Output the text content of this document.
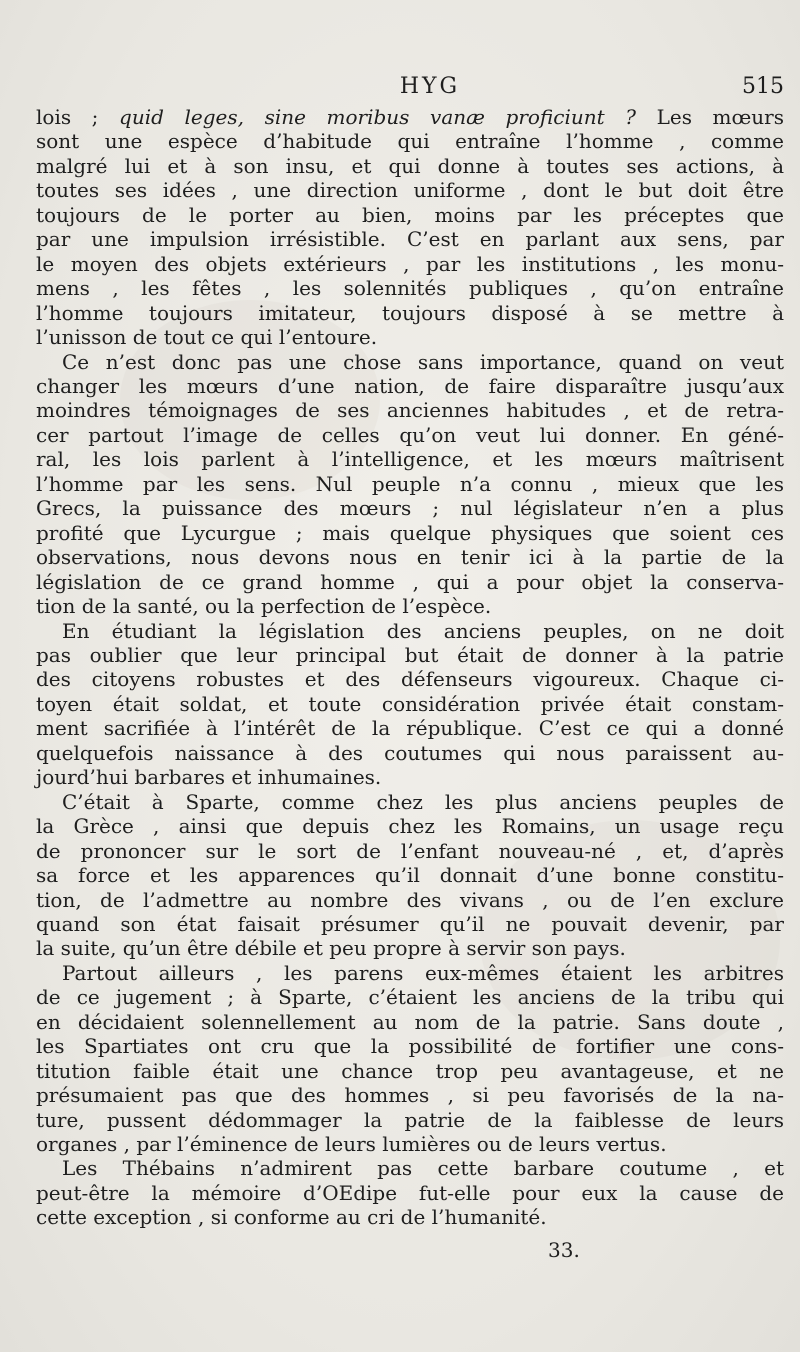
HYG	515

lois ; quid leges, sine moribus vanæ proficiunt ? Les mœurs
sont une espèce d’habitude qui entraîne l’homme , comme
malgré lui et à son insu, et qui donne à toutes ses actions, à
toutes ses idées , une direction uniforme , dont le but doit être
toujours de le porter au bien, moins par les préceptes que
par une impulsion irrésistible. C’est en parlant aux sens, par
le moyen des objets extérieurs , par les institutions , les monu-
mens , les fêtes , les solennités publiques , qu’on entraîne
l’homme toujours imitateur, toujours disposé à se mettre à
l’unisson de tout ce qui l’entoure.

Ce n’est donc pas une chose sans importance, quand on veut
changer les mœurs d’une nation, de faire disparaître jusqu’aux
moindres témoignages de ses anciennes habitudes , et de retra-
cer partout l’image de celles qu’on veut lui donner. En géné-
ral, les lois parlent à l’intelligence, et les mœurs maîtrisent
l’homme par les sens. Nul peuple n’a connu , mieux que les
Grecs, la puissance des mœurs ; nul législateur n’en a plus
profité que Lycurgue ; mais quelque physiques que soient ces
observations, nous devons nous en tenir ici à la partie de la
législation de ce grand homme , qui a pour objet la conserva-
tion de la santé, ou la perfection de l’espèce.

En étudiant la législation des anciens peuples, on ne doit
pas oublier que leur principal but était de donner à la patrie
des citoyens robustes et des défenseurs vigoureux. Chaque ci-
toyen était soldat, et toute considération privée était constam-
ment sacrifiée à l’intérêt de la république. C’est ce qui a donné
quelquefois naissance à des coutumes qui nous paraissent au-
jourd’hui barbares et inhumaines.

C’était à Sparte, comme chez les plus anciens peuples de
la Grèce , ainsi que depuis chez les Romains, un usage reçu
de prononcer sur le sort de l’enfant nouveau-né , et, d’après
sa force et les apparences qu’il donnait d’une bonne constitu-
tion, de l’admettre au nombre des vivans , ou de l’en exclure
quand son état faisait présumer qu’il ne pouvait devenir, par
la suite, qu’un être débile et peu propre à servir son pays.

Partout ailleurs , les parens eux-mêmes étaient les arbitres
de ce jugement ; à Sparte, c’étaient les anciens de la tribu qui
en décidaient solennellement au nom de la patrie. Sans doute ,
les Spartiates ont cru que la possibilité de fortifier une cons-
titution faible était une chance trop peu avantageuse, et ne
présumaient pas que des hommes , si peu favorisés de la na-
ture, pussent dédommager la patrie de la faiblesse de leurs
organes , par l’éminence de leurs lumières ou de leurs vertus.

Les Thébains n’admirent pas cette barbare coutume , et
peut-être la mémoire d’OEdipe fut-elle pour eux la cause de
cette exception , si conforme au cri de l’humanité.

33.
